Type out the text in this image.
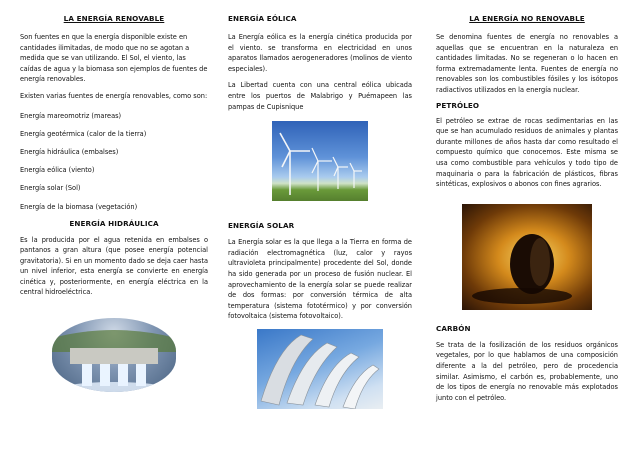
LA ENERGÍA RENOVABLE

Son fuentes en que la energía disponible existe en cantidades ilimitadas, de modo que no se agotan a medida que se van utilizando. El Sol, el viento, las caídas de agua y la biomasa son ejemplos de fuentes de energía renovables.

Existen varias fuentes de energía renovables, como son:

Energía mareomotriz (mareas)
Energía geotérmica (calor de la tierra)
Energía hidráulica (embalses)
Energía eólica (viento)
Energía solar (Sol)
Energía de la biomasa (vegetación)
ENERGÍA HIDRÁULICA

Es la producida por el agua retenida en embalses o pantanos a gran altura (que posee energía potencial gravitatoria). Si en un momento dado se deja caer hasta un nivel inferior, esta energía se convierte en energía cinética y, posteriormente, en energía eléctrica en la central hidroeléctrica.

ENERGÍA EÓLICA

La Energía eólica es la energía cinética producida por el viento. se transforma en electricidad en unos aparatos llamados aerogeneradores (molinos de viento especiales).

La Libertad cuenta con una central eólica ubicada entre los puertos de Malabrigo y Puémapeen las pampas de Cupisnique

ENERGÍA SOLAR

La Energía solar es la que llega a la Tierra en forma de radiación electromagnética (luz, calor y rayos ultravioleta principalmente) procedente del Sol, donde ha sido generada por un proceso de fusión nuclear. El aprovechamiento de la energía solar se puede realizar de dos formas: por conversión térmica de alta temperatura (sistema fototérmico) y por conversión fotovoltaica (sistema fotovoltaico).

LA ENERGÍA NO RENOVABLE

Se denomina fuentes de energía no renovables a aquellas que se encuentran en la naturaleza en cantidades limitadas. No se regeneran o lo hacen en forma extremadamente lenta. Fuentes de energía no renovables son los combustibles fósiles y los isótopos radiactivos utilizados en la energía nuclear.

PETRÓLEO

El petróleo se extrae de rocas sedimentarias en las que se han acumulado residuos de animales y plantas durante millones de años hasta dar como resultado el compuesto químico que conocemos. Este misma se usa como combustible para vehículos y todo tipo de maquinaria o para la fabricación de plásticos, fibras sintéticas, explosivos o abonos con fines agrarios.

CARBÓN

Se trata de la fosilización de los residuos orgánicos vegetales, por lo que hablamos de una composición diferente a la del petróleo, pero de procedencia similar. Asimismo, el carbón es, probablemente, uno de los tipos de energía no renovable más explotados junto con el petróleo.
